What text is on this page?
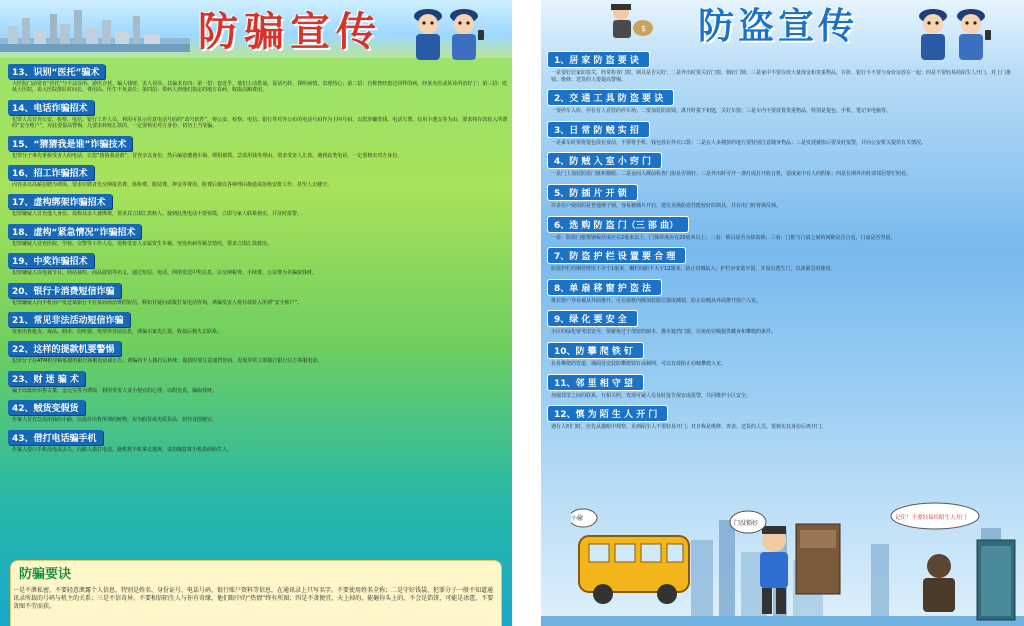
防骗宣传
13、识别“医托”骗术
大医院门前常有“医托”与不法诊所、游医合伙，骗人钱财，害人误诊。其骗术有四：第一招：套近乎，他们主动搭讪，说话巧妙，探听病情，表现热心；第二招：自称曾经患过同样的病，经某名医或某诊所治好了；第三招：贬低大医院，说大医院排队时间长、费用高、医生不负责任；第四招：带病人到他们指定的地方看病，收取高额费用。
14、电话诈骗招术
犯罪人员冒充公安、检察、电信、银行工作人员，利用可显示任意电话号码的“改号软件”，将公安、检察、电信、银行等对外公布的电话号码作为主叫号码，以您涉嫌洗钱、电话欠费、信用卡透支等为由，要求将存款转入所谓的“安全账户”，对此要提高警惕，凡要求转账汇款的，一定要核实对方身份，切勿上当受骗。
15、“猜猜我是谁”诈骗技术
犯罪分子事先掌握受害人的电话，让您“猜猜我是谁”，冒充亲友身份，然后编造遭遇车祸、嫖娼被抓、急需用钱等理由，要求受害人汇款。遇到此类电话，一定要核实对方身份。
16、招工诈骗招术
内容多以高薪招聘为诱饵，要求应聘者先交纳报名费、体检费、服装费、押金等费用，收费后便以各种理由拖延或拒绝安排工作，甚至人去楼空。
17、虚构绑架诈骗招术
犯罪嫌疑人冒充他人身份，谎称其亲人被绑架，要求其立即汇款赎人。接到此类电话不要惊慌，立即与家人联系核实，并及时报警。
18、虚构“紧急情况”诈骗招术
犯罪嫌疑人冒充医院、学校、交警等工作人员，谎称受害人亲属发生车祸、突发疾病等紧急情况，要求立即汇款救治。
19、中奖诈骗招术
犯罪嫌疑人以电视节目、网站抽奖、商品促销等名义，通过短信、电话、网络发送中奖信息，以交纳税费、手续费、公证费为名骗取钱财。
20、银行卡消费短信诈骗
犯罪嫌疑人向手机用户发送某银行卡在某商场消费的短信，称如有疑问请拨打某电话咨询，诱骗受害人将存款转入所谓“安全账户”。
21、常见非法活动短信诈骗
发布出售枪支、毒品、假币、窃听器、发票等非法信息，诱骗买家先汇款，收款后便失去联系。
22、这样的提款机要警惕
犯罪分子在ATM机旁粘贴假的银行客服电话或公告，诱骗持卡人拨打后转账；提款时要注意遮挡密码，发现异常立即拨打银行官方客服电话。
23、财 迷 骗 术
骗子以低价出售古董、金元宝等为诱饵，利用受害人贪小便宜的心理，以假充真，骗取钱财。
42、贼货变假货
作案人冒充急需用钱的小偷，以低价出售所谓的赃物，实为假货或劣质货品，切勿贪图便宜。
43、借打电话骗手机
作案人借口手机没电或丢失，向路人借打电话，趁机将手机拿走逃离，请勿随意将手机借给陌生人。
防骗要诀
一是不泄私密，不要轻意泄露个人信息，特别是姓名、身份证号、电话号码、银行账户资料等信息，在通讯录上只写名字，不要使用姓名全称；二是守好钱袋，犯罪分子一般不知道通讯录所载的号码与机主的关系；三是不信奇异，不要相信陌生人与你有奇缘，他们眼中的“热情”终有所图；四是不贪便宜，天上掉的，能砸你头上的，不会是馅饼，可能是冰雹，不要贪图不劳而获。
$ 防盗宣传
1、居 家 防 盗 要 诀
一是要好居家防盗关，经常检查门窗、锁具是否完好；二是外出时要关好门窗，锁好门锁；三是家中不要存放大量现金和贵重物品，存折、银行卡不要与身份证放在一起；四是不要轻易给陌生人开门，对上门推销、维修、送货的人要提高警惕。
2、交 通 工 具 防 盗 要 诀
一要停车入库，停在有人看管的停车场；二要加装防盗锁，离开时拔下钥匙，关好车窗；三是车内不要放置贵重物品，特别是提包、手机、笔记本电脑等。
3、日 常 防 贼 实 招
一是乘车时要将提包放在身前，不要将手机、钱包放在外衣口袋；二是在人多拥挤的地方要特别注意随身物品；三是发现被盗后要及时报警，并向公安机关提供有关情况。
4、防 贼 入 室 小 窍 门
一是门上加装防盗门链和猫眼；二是夜间入睡前检查门窗是否锁好；三是外出时可开一盏灯或打开收音机，造成家中有人的假象；四是长期外出时请邻居帮忙照看。
5、防 插 片 开 锁
许多住户使用的是普通弹子锁，容易被插片开启，建议更换防盗性能较好的锁具，并在出门时将锁反锁。
6、选 购 防 盗 门（三 部 曲）
一看：防盗门框架钢板厚度应在2毫米以上，门体厚度应在20毫米以上；二看：锁具是否为防盗锁；三看：门框与门扇之间的间隙是否合适，门扇是否坚固。
7、防 盗 护 栏 设 置 要 合 理
防盗护栏的钢管壁厚不少于1毫米，栅栏间距不大于12厘米，防止窃贼钻入；护栏应安装牢固，并设有逃生门，以备紧急时使用。
8、单 扇 移 窗 护 盗 法
推拉窗户容易被从外面推开，可在窗框内侧加装限位器或插销，防止窃贼从外面推开窗户入室。
9、绿 化 要 安 全
小区的绿化要考虑安全，要避免过于茂密的树木、灌木遮挡门窗，以免给窃贼提供藏身和攀爬的条件。
10、防 攀 爬 铁 钉
在易攀爬的管道、墙面处安装防攀爬铁钉或刺网，可以有效阻止窃贼攀爬入室。
11、邻 里 相 守 望
加强邻里之间的联系，互相关照，发现可疑人员及时报告保安或报警，共同维护小区安全。
12、慎 为 陌 生 人 开 门
遇有人叫门时，应先从猫眼中观察，见到陌生人不要轻易开门；对自称是维修、查表、送货的人员，要核实其身份后再开门。
小偷
门没锁好
记住！不要轻易给陌生人开门
